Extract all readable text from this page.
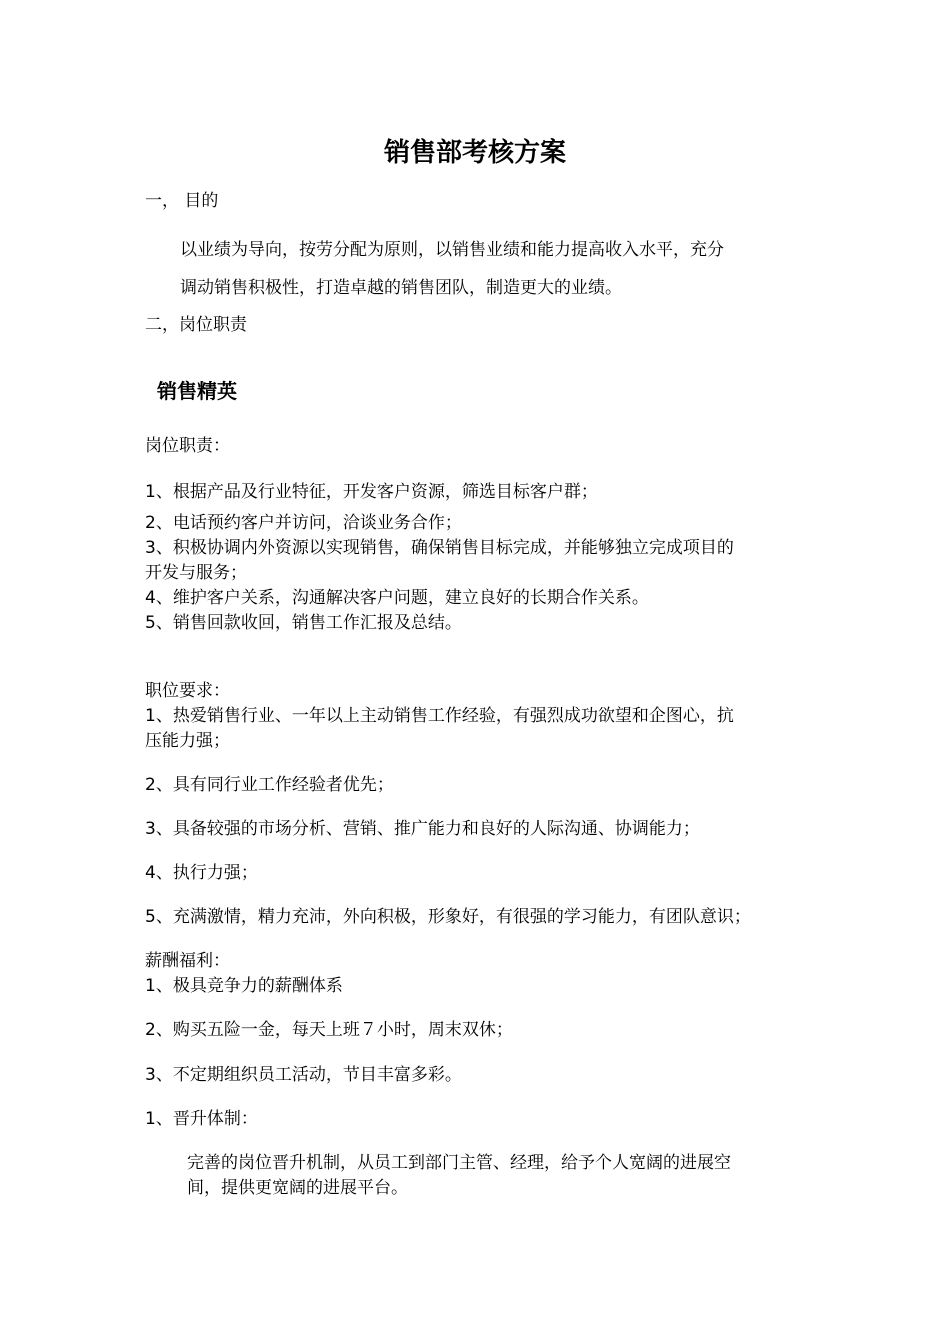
销售部考核方案
一， 目的
以业绩为导向，按劳分配为原则，以销售业绩和能力提高收入水平，充分
调动销售积极性，打造卓越的销售团队，制造更大的业绩。
二，岗位职责
销售精英
岗位职责：
1、根据产品及行业特征，开发客户资源，筛选目标客户群；
2、电话预约客户并访问，洽谈业务合作；
3、积极协调内外资源以实现销售，确保销售目标完成，并能够独立完成项目的
开发与服务；
4、维护客户关系，沟通解决客户问题，建立良好的长期合作关系。
5、销售回款收回，销售工作汇报及总结。
职位要求：
1、热爱销售行业、一年以上主动销售工作经验，有强烈成功欲望和企图心，抗
压能力强；
2、具有同行业工作经验者优先；
3、具备较强的市场分析、营销、推广能力和良好的人际沟通、协调能力；
4、执行力强；
5、充满激情，精力充沛，外向积极，形象好，有很强的学习能力，有团队意识；
薪酬福利：
1、极具竞争力的薪酬体系
2、购买五险一金，每天上班７小时，周末双休；
3、不定期组织员工活动，节目丰富多彩。
1、晋升体制：
完善的岗位晋升机制，从员工到部门主管、经理，给予个人宽阔的进展空
间，提供更宽阔的进展平台。
